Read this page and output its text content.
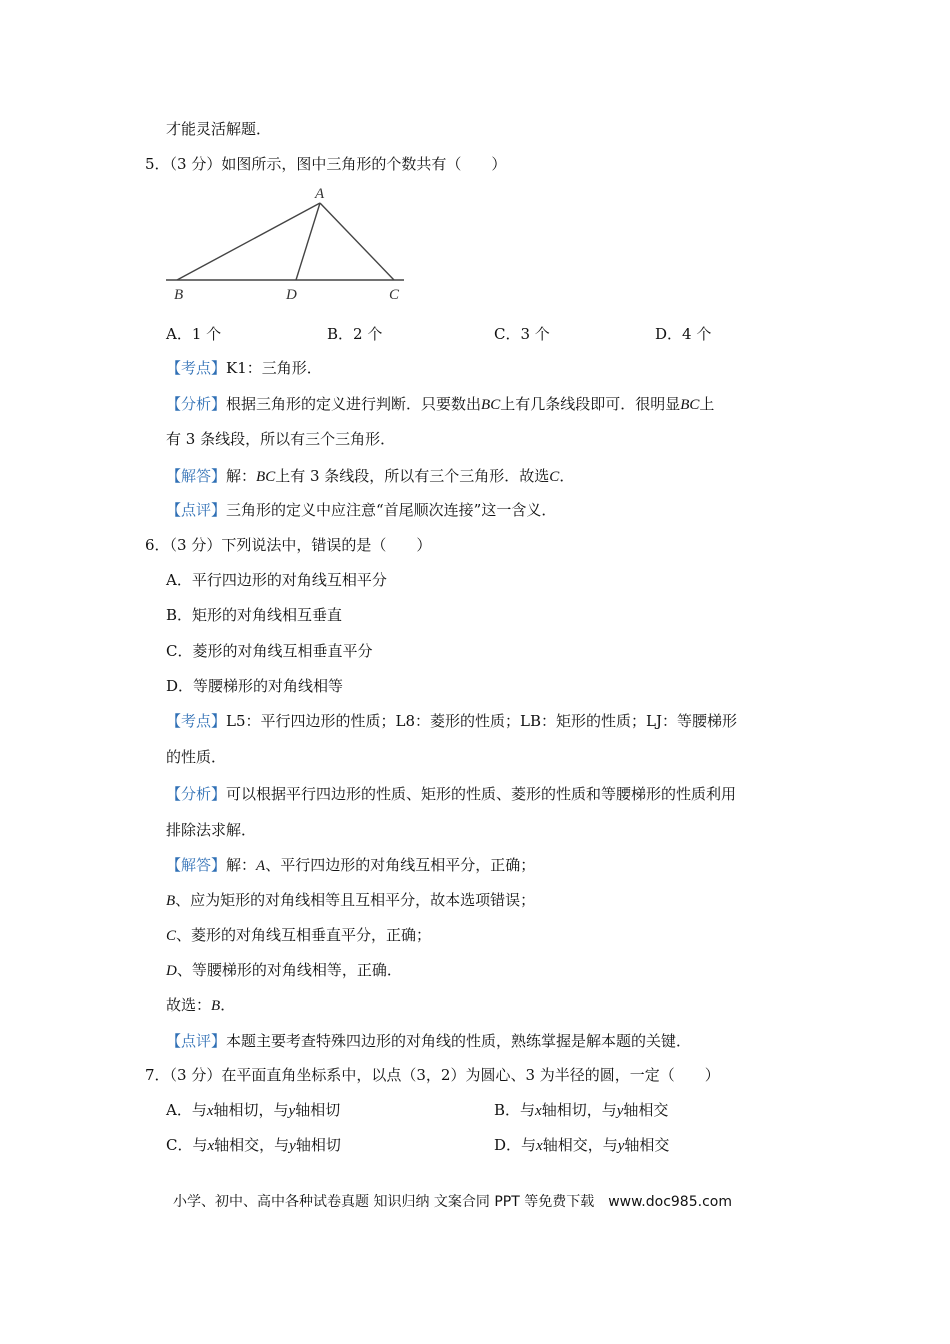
才能灵活解题．
5．（3 分）如图所示，图中三角形的个数共有（　　）
A
B	D	C
A．1 个	B．2 个	C．3 个	D．4 个
【考点】K1：三角形．
【分析】根据三角形的定义进行判断．只要数出BC上有几条线段即可．很明显BC上
有 3 条线段，所以有三个三角形．
【解答】解：BC上有 3 条线段，所以有三个三角形．故选C．
【点评】三角形的定义中应注意“首尾顺次连接”这一含义．
6．（3 分）下列说法中，错误的是（　　）
A．平行四边形的对角线互相平分
B．矩形的对角线相互垂直
C．菱形的对角线互相垂直平分
D．等腰梯形的对角线相等
【考点】L5：平行四边形的性质；L8：菱形的性质；LB：矩形的性质；LJ：等腰梯形
的性质．
【分析】可以根据平行四边形的性质、矩形的性质、菱形的性质和等腰梯形的性质利用
排除法求解．
【解答】解：A、平行四边形的对角线互相平分，正确；
B、应为矩形的对角线相等且互相平分，故本选项错误；
C、菱形的对角线互相垂直平分，正确；
D、等腰梯形的对角线相等，正确．
故选：B．
【点评】本题主要考查特殊四边形的对角线的性质，熟练掌握是解本题的关键．
7．（3 分）在平面直角坐标系中，以点（3，2）为圆心、3 为半径的圆，一定（　　）
A．与x轴相切，与y轴相切	B．与x轴相切，与y轴相交
C．与x轴相交，与y轴相切	D．与x轴相交，与y轴相交
小学、初中、高中各种试卷真题 知识归纳 文案合同 PPT 等免费下载　www.doc985.com
